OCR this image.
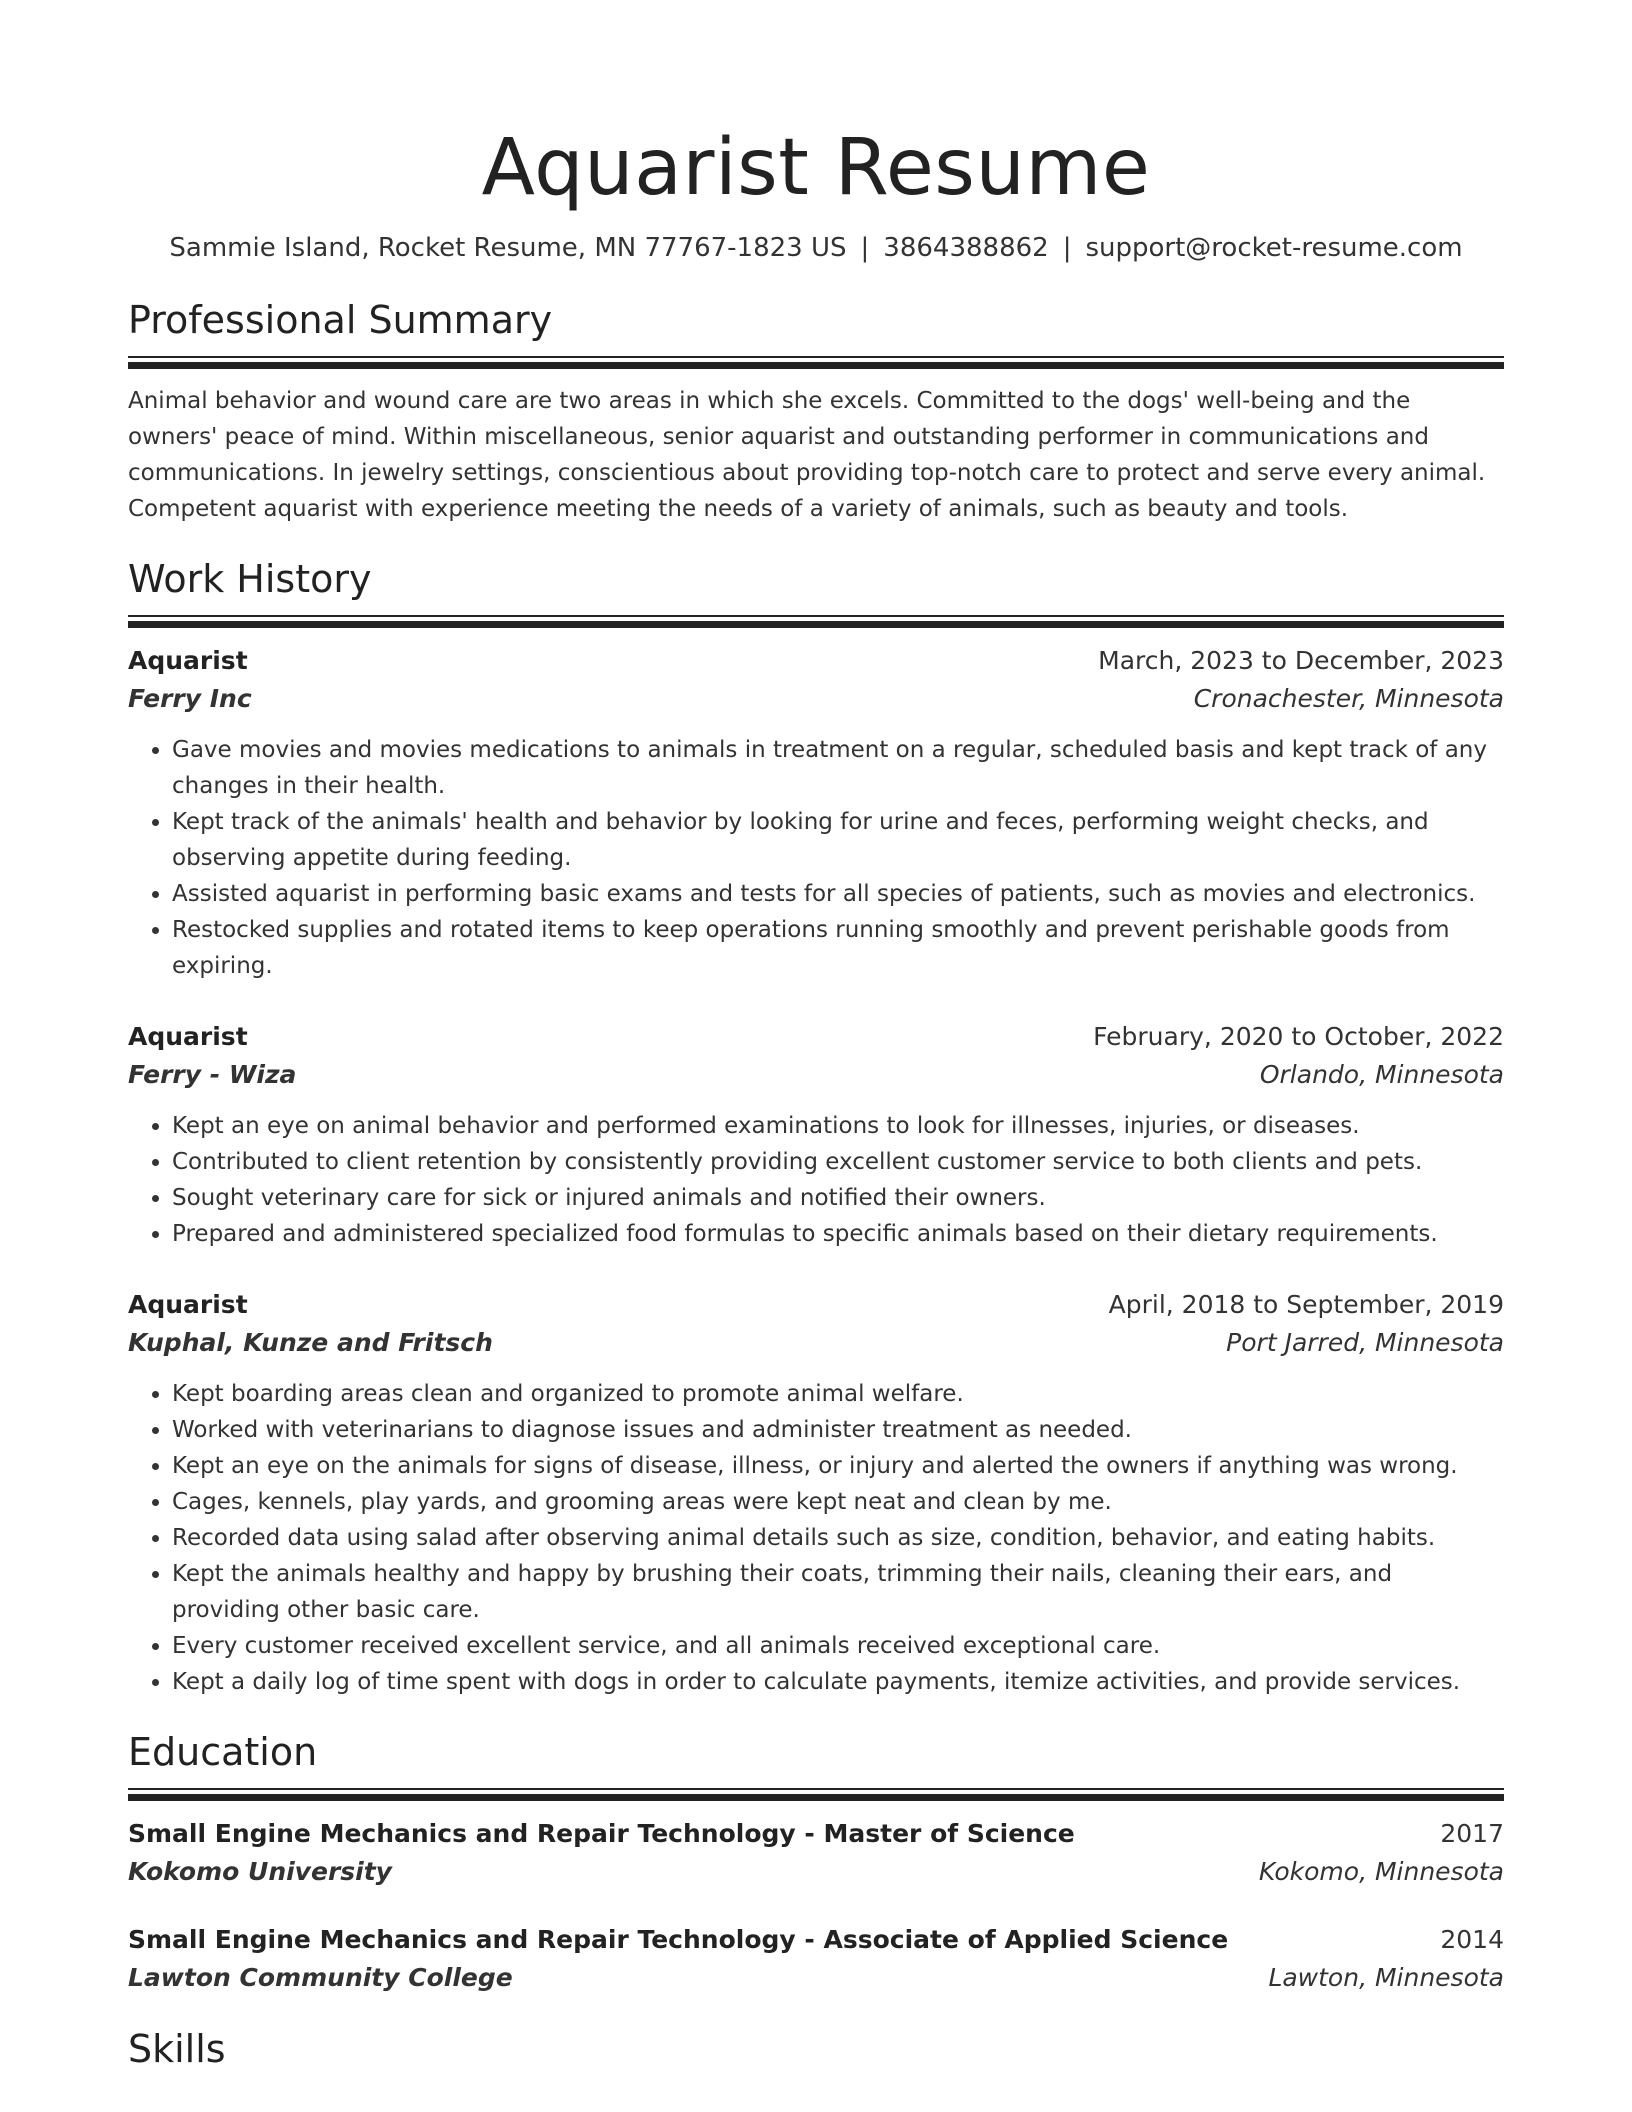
Aquarist Resume
Sammie Island, Rocket Resume, MN 77767-1823 US | 3864388862 | support@rocket-resume.com
Professional Summary

Animal behavior and wound care are two areas in which she excels. Committed to the dogs' well-being and the owners' peace of mind. Within miscellaneous, senior aquarist and outstanding performer in communications and communications. In jewelry settings, conscientious about providing top-notch care to protect and serve every animal. Competent aquarist with experience meeting the needs of a variety of animals, such as beauty and tools.

Work History
Aquarist	March, 2023 to December, 2023
Ferry Inc	Cronachester, Minnesota
• Gave movies and movies medications to animals in treatment on a regular, scheduled basis and kept track of any changes in their health.
• Kept track of the animals' health and behavior by looking for urine and feces, performing weight checks, and observing appetite during feeding.
• Assisted aquarist in performing basic exams and tests for all species of patients, such as movies and electronics.
• Restocked supplies and rotated items to keep operations running smoothly and prevent perishable goods from expiring.
Aquarist	February, 2020 to October, 2022
Ferry - Wiza	Orlando, Minnesota
• Kept an eye on animal behavior and performed examinations to look for illnesses, injuries, or diseases.
• Contributed to client retention by consistently providing excellent customer service to both clients and pets.
• Sought veterinary care for sick or injured animals and notified their owners.
• Prepared and administered specialized food formulas to specific animals based on their dietary requirements.
Aquarist	April, 2018 to September, 2019
Kuphal, Kunze and Fritsch	Port Jarred, Minnesota
• Kept boarding areas clean and organized to promote animal welfare.
• Worked with veterinarians to diagnose issues and administer treatment as needed.
• Kept an eye on the animals for signs of disease, illness, or injury and alerted the owners if anything was wrong.
• Cages, kennels, play yards, and grooming areas were kept neat and clean by me.
• Recorded data using salad after observing animal details such as size, condition, behavior, and eating habits.
• Kept the animals healthy and happy by brushing their coats, trimming their nails, cleaning their ears, and providing other basic care.
• Every customer received excellent service, and all animals received exceptional care.
• Kept a daily log of time spent with dogs in order to calculate payments, itemize activities, and provide services.
Education
Small Engine Mechanics and Repair Technology - Master of Science	2017
Kokomo University	Kokomo, Minnesota
Small Engine Mechanics and Repair Technology - Associate of Applied Science	2014
Lawton Community College	Lawton, Minnesota
Skills
